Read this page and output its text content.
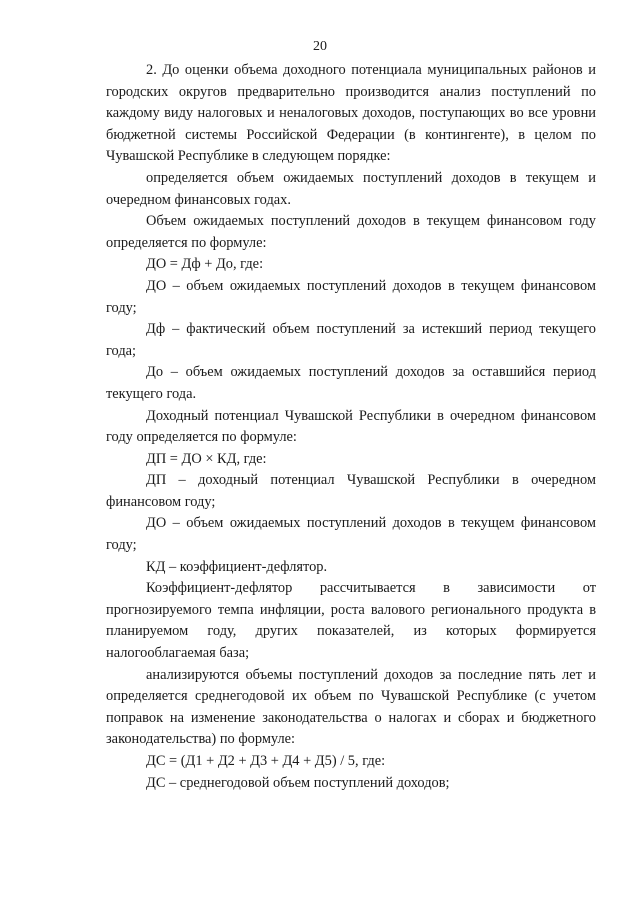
20

2. До оценки объема доходного потенциала муниципальных районов и городских округов предварительно производится анализ поступлений по каждому виду налоговых и неналоговых доходов, поступающих во все уровни бюджетной системы Российской Федерации (в контингенте), в целом по Чувашской Республике в следующем порядке:

определяется объем ожидаемых поступлений доходов в текущем и очередном финансовых годах.

Объем ожидаемых поступлений доходов в текущем финансовом году определяется по формуле:

ДО = Дф + До, где:

ДО – объем ожидаемых поступлений доходов в текущем финансовом году;

Дф – фактический объем поступлений за истекший период текущего года;

До – объем ожидаемых поступлений доходов за оставшийся период текущего года.

Доходный потенциал Чувашской Республики в очередном финансовом году определяется по формуле:

ДП = ДО × КД, где:

ДП – доходный потенциал Чувашской Республики в очередном финансовом году;

ДО – объем ожидаемых поступлений доходов в текущем финансовом году;

КД – коэффициент-дефлятор.

Коэффициент-дефлятор рассчитывается в зависимости от прогнозируемого темпа инфляции, роста валового регионального продукта в планируемом году, других показателей, из которых формируется налогооблагаемая база;

анализируются объемы поступлений доходов за последние пять лет и определяется среднегодовой их объем по Чувашской Республике (с учетом поправок на изменение законодательства о налогах и сборах и бюджетного законодательства) по формуле:

ДС = (Д1 + Д2 + Д3 + Д4 + Д5) / 5, где:

ДС – среднегодовой объем поступлений доходов;
